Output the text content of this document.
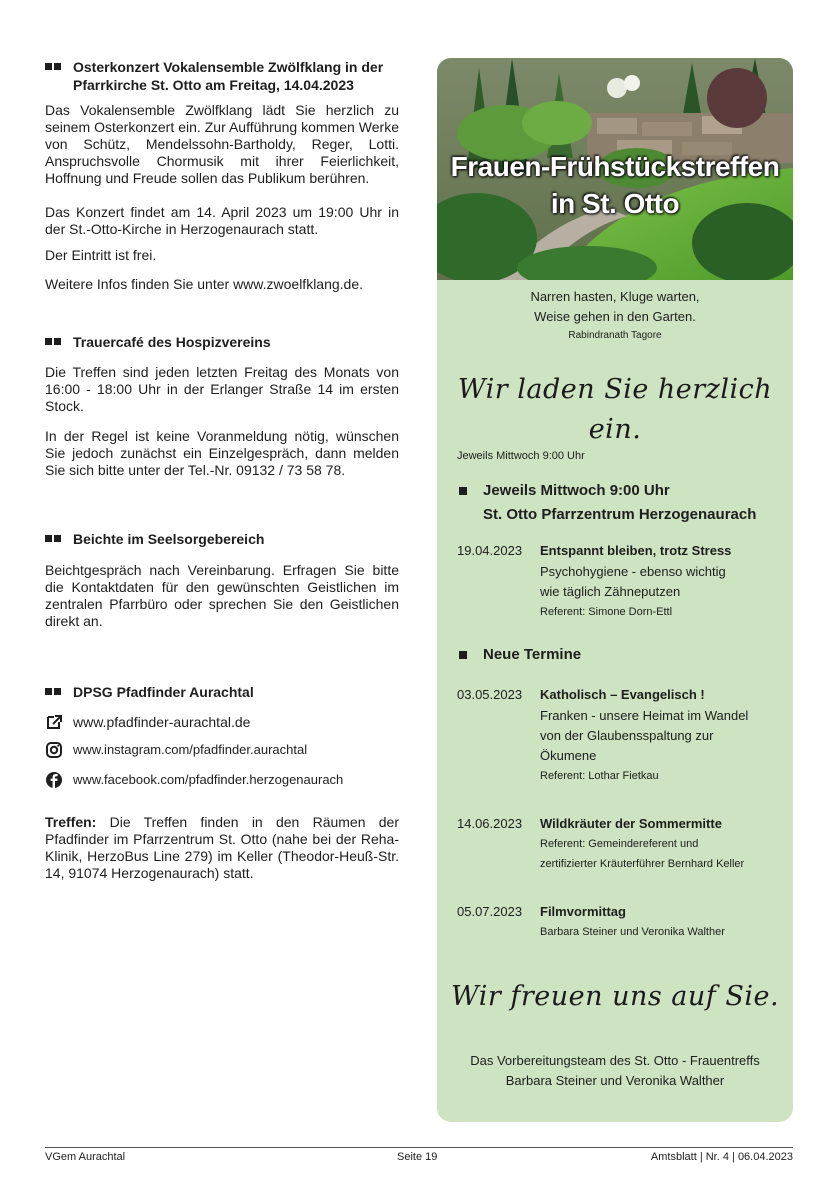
Osterkonzert Vokalensemble Zwölfklang in der
Pfarrkirche St. Otto am Freitag, 14.04.2023
Das Vokalensemble Zwölfklang lädt Sie herzlich zu seinem Osterkonzert ein. Zur Aufführung kommen Werke von Schütz, Mendelssohn-Bartholdy, Reger, Lotti. Anspruchsvolle Chormusik mit ihrer Feierlichkeit, Hoffnung und Freude sollen das Publikum berühren.
Das Konzert findet am 14. April 2023 um 19:00 Uhr in der St.-Otto-Kirche in Herzogenaurach statt.
Der Eintritt ist frei.
Weitere Infos finden Sie unter www.zwoelfklang.de.
Trauercafé des Hospizvereins
Die Treffen sind jeden letzten Freitag des Monats von 16:00 - 18:00 Uhr in der Erlanger Straße 14 im ersten Stock.
In der Regel ist keine Voranmeldung nötig, wünschen Sie jedoch zunächst ein Einzelgespräch, dann melden Sie sich bitte unter der Tel.-Nr. 09132 / 73 58 78.
Beichte im Seelsorgebereich
Beichtgespräch nach Vereinbarung. Erfragen Sie bitte die Kontaktdaten für den gewünschten Geistlichen im zentralen Pfarrbüro oder sprechen Sie den Geistlichen direkt an.
DPSG Pfadfinder Aurachtal
www.pfadfinder-aurachtal.de
www.instagram.com/pfadfinder.aurachtal
www.facebook.com/pfadfinder.herzogenaurach
Treffen: Die Treffen finden in den Räumen der Pfadfinder im Pfarrzentrum St. Otto (nahe bei der Reha-Klinik, HerzoBus Line 279) im Keller (Theodor-Heuß-Str. 14, 91074 Herzogenaurach) statt.
Frauen-Frühstückstreffen
in St. Otto
Narren hasten, Kluge warten,
Weise gehen in den Garten.
Rabindranath Tagore
Wir laden Sie herzlich ein.
Jeweils Mittwoch 9:00 Uhr
Jeweils Mittwoch 9:00 Uhr
St. Otto Pfarrzentrum Herzogenaurach
19.04.2023 Entspannt bleiben, trotz Stress
Psychohygiene - ebenso wichtig
wie täglich Zähneputzen
Referent: Simone Dorn-Ettl
Neue Termine
03.05.2023 Katholisch – Evangelisch !
Franken - unsere Heimat im Wandel
von der Glaubensspaltung zur
Ökumene
Referent: Lothar Fietkau
14.06.2023 Wildkräuter der Sommermitte
Referent: Gemeindereferent und
zertifizierter Kräuterführer Bernhard Keller
05.07.2023 Filmvormittag
Barbara Steiner und Veronika Walther
Wir freuen uns auf Sie.
Das Vorbereitungsteam des St. Otto - Frauentreffs
Barbara Steiner und Veronika Walther
VGem Aurachtal	Seite 19	Amtsblatt | Nr. 4 | 06.04.2023
